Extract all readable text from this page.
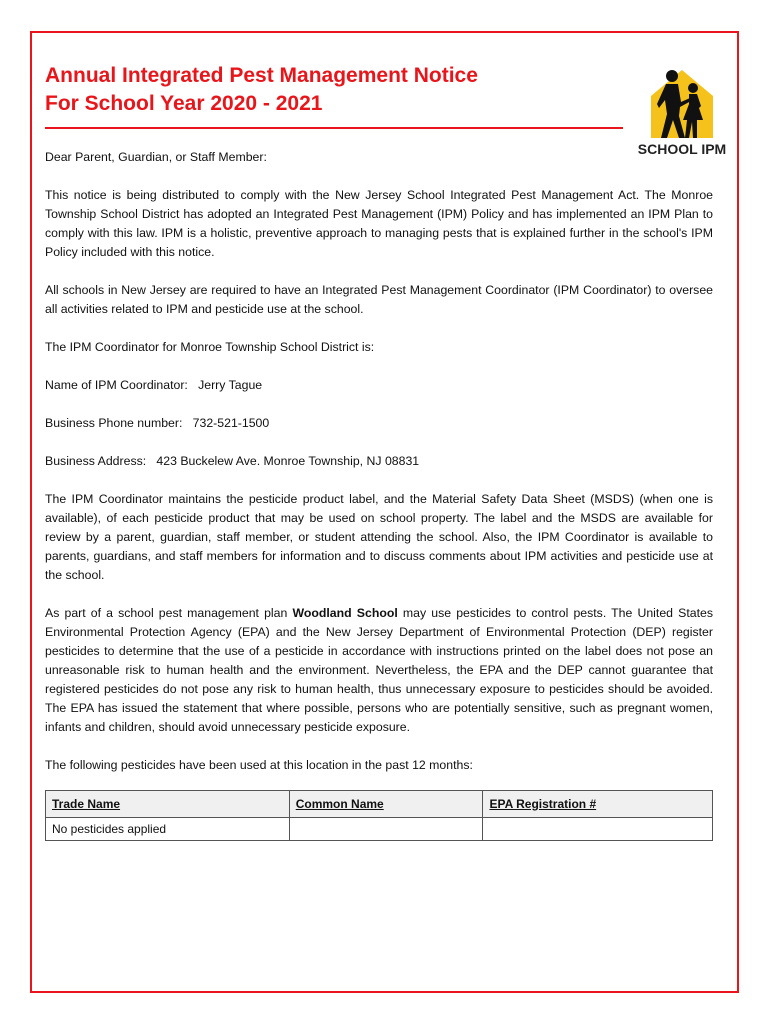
Annual Integrated Pest Management Notice
For School Year 2020 - 2021
SCHOOL IPM

Dear Parent, Guardian, or Staff Member:

This notice is being distributed to comply with the New Jersey School Integrated Pest Management Act. The Monroe Township School District has adopted an Integrated Pest Management (IPM) Policy and has implemented an IPM Plan to comply with this law. IPM is a holistic, preventive approach to managing pests that is explained further in the school's IPM Policy included with this notice.

All schools in New Jersey are required to have an Integrated Pest Management Coordinator (IPM Coordinator) to oversee all activities related to IPM and pesticide use at the school.

The IPM Coordinator for Monroe Township School District is:

Name of IPM Coordinator: Jerry Tague

Business Phone number: 732-521-1500

Business Address: 423 Buckelew Ave. Monroe Township, NJ 08831

The IPM Coordinator maintains the pesticide product label, and the Material Safety Data Sheet (MSDS) (when one is available), of each pesticide product that may be used on school property. The label and the MSDS are available for review by a parent, guardian, staff member, or student attending the school. Also, the IPM Coordinator is available to parents, guardians, and staff members for information and to discuss comments about IPM activities and pesticide use at the school.

As part of a school pest management plan Woodland School may use pesticides to control pests. The United States Environmental Protection Agency (EPA) and the New Jersey Department of Environmental Protection (DEP) register pesticides to determine that the use of a pesticide in accordance with instructions printed on the label does not pose an unreasonable risk to human health and the environment. Nevertheless, the EPA and the DEP cannot guarantee that registered pesticides do not pose any risk to human health, thus unnecessary exposure to pesticides should be avoided. The EPA has issued the statement that where possible, persons who are potentially sensitive, such as pregnant women, infants and children, should avoid unnecessary pesticide exposure.

The following pesticides have been used at this location in the past 12 months:

Trade Name	Common Name	EPA Registration #
No pesticides applied		
